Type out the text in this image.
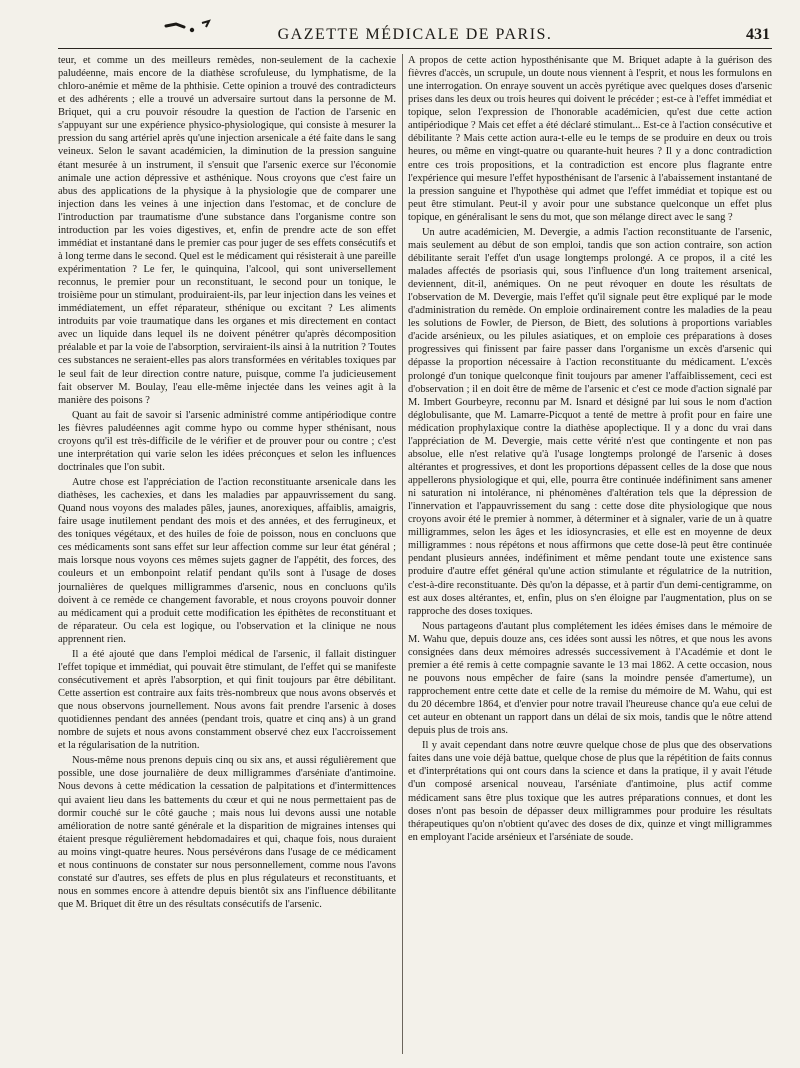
GAZETTE MÉDICALE DE PARIS.	431

teur, et comme un des meilleurs remèdes, non-seulement de la cachexie paludéenne, mais encore de la diathèse scrofuleuse, du lymphatisme, de la chloro-anémie et même de la phthisie. Cette opinion a trouvé des contradicteurs et des adhérents ; elle a trouvé un adversaire surtout dans la personne de M. Briquet, qui a cru pouvoir résoudre la question de l'action de l'arsenic en s'appuyant sur une expérience physico-physiologique, qui consiste à mesurer la pression du sang artériel après qu'une injection arsenicale a été faite dans le sang veineux. Selon le savant académicien, la diminution de la pression sanguine étant mesurée à un instrument, il s'ensuit que l'arsenic exerce sur l'économie animale une action dépressive et asthénique. Nous croyons que c'est faire un abus des applications de la physique à la physiologie que de comparer une injection dans les veines à une injection dans l'estomac, et de conclure de l'introduction par traumatisme d'une substance dans l'organisme contre son introduction par les voies digestives, et, enfin de prendre acte de son effet immédiat et instantané dans le premier cas pour juger de ses effets consécutifs et à long terme dans le second. Quel est le médicament qui résisterait à une pareille expérimentation ? Le fer, le quinquina, l'alcool, qui sont universellement reconnus, le premier pour un reconstituant, le second pour un tonique, le troisième pour un stimulant, produiraient-ils, par leur injection dans les veines et immédiatement, un effet réparateur, sthénique ou excitant ? Les aliments introduits par voie traumatique dans les organes et mis directement en contact avec un liquide dans lequel ils ne doivent pénétrer qu'après décomposition préalable et par la voie de l'absorption, serviraient-ils ainsi à la nutrition ? Toutes ces substances ne seraient-elles pas alors transformées en véritables toxiques par le seul fait de leur direction contre nature, puisque, comme l'a judicieusement fait observer M. Boulay, l'eau elle-même injectée dans les veines agit à la manière des poisons ?

Quant au fait de savoir si l'arsenic administré comme antipériodique contre les fièvres paludéennes agit comme hypo ou comme hyper sthénisant, nous croyons qu'il est très-difficile de le vérifier et de prouver pour ou contre ; c'est une interprétation qui varie selon les idées préconçues et selon les influences doctrinales que l'on subit.

Autre chose est l'appréciation de l'action reconstituante arsenicale dans les diathèses, les cachexies, et dans les maladies par appauvrissement du sang. Quand nous voyons des malades pâles, jaunes, anorexiques, affaiblis, amaigris, faire usage inutilement pendant des mois et des années, et des ferrugineux, et des toniques végétaux, et des huiles de foie de poisson, nous en concluons que ces médicaments sont sans effet sur leur affection comme sur leur état général ; mais lorsque nous voyons ces mêmes sujets gagner de l'appétit, des forces, des couleurs et un embonpoint relatif pendant qu'ils sont à l'usage de doses journalières de quelques milligrammes d'arsenic, nous en concluons qu'ils doivent à ce remède ce changement favorable, et nous croyons pouvoir donner au médicament qui a produit cette modification les épithètes de reconstituant et de réparateur. Ou cela est logique, ou l'observation et la clinique ne nous apprennent rien.

Il a été ajouté que dans l'emploi médical de l'arsenic, il fallait distinguer l'effet topique et immédiat, qui pouvait être stimulant, de l'effet qui se manifeste consécutivement et après l'absorption, et qui finit toujours par être débilitant. Cette assertion est contraire aux faits très-nombreux que nous avons observés et que nous observons journellement. Nous avons fait prendre l'arsenic à doses quotidiennes pendant des années (pendant trois, quatre et cinq ans) à un grand nombre de sujets et nous avons constamment observé chez eux l'accroissement et la régularisation de la nutrition.

Nous-même nous prenons depuis cinq ou six ans, et aussi régulièrement que possible, une dose journalière de deux milligrammes d'arséniate d'antimoine. Nous devons à cette médication la cessation de palpitations et d'intermittences qui avaient lieu dans les battements du cœur et qui ne nous permettaient pas de dormir couché sur le côté gauche ; mais nous lui devons aussi une notable amélioration de notre santé générale et la disparition de migraines intenses qui étaient presque régulièrement hebdomadaires et qui, chaque fois, nous duraient au moins vingt-quatre heures. Nous persévérons dans l'usage de ce médicament et nous continuons de constater sur nous personnellement, comme nous l'avons constaté sur d'autres, ses effets de plus en plus régulateurs et reconstituants, et nous en sommes encore à attendre depuis bientôt six ans l'influence débilitante que M. Briquet dit être un des résultats consécutifs de l'arsenic.

A propos de cette action hyposthénisante que M. Briquet adapte à la guérison des fièvres d'accès, un scrupule, un doute nous viennent à l'esprit, et nous les formulons en une interrogation. On enraye souvent un accès pyrétique avec quelques doses d'arsenic prises dans les deux ou trois heures qui doivent le précéder ; est-ce à l'effet immédiat et topique, selon l'expression de l'honorable académicien, qu'est due cette action antipériodique ? Mais cet effet a été déclaré stimulant... Est-ce à l'action consécutive et débilitante ? Mais cette action aura-t-elle eu le temps de se produire en deux ou trois heures, ou même en vingt-quatre ou quarante-huit heures ? Il y a donc contradiction entre ces trois propositions, et la contradiction est encore plus flagrante entre l'expérience qui mesure l'effet hyposthénisant de l'arsenic à l'abaissement instantané de la pression sanguine et l'hypothèse qui admet que l'effet immédiat et topique est ou peut être stimulant. Peut-il y avoir pour une substance quelconque un effet plus topique, en généralisant le sens du mot, que son mélange direct avec le sang ?

Un autre académicien, M. Devergie, a admis l'action reconstituante de l'arsenic, mais seulement au début de son emploi, tandis que son action contraire, son action débilitante serait l'effet d'un usage longtemps prolongé. A ce propos, il a cité les malades affectés de psoriasis qui, sous l'influence d'un long traitement arsenical, deviennent, dit-il, anémiques. On ne peut révoquer en doute les résultats de l'observation de M. Devergie, mais l'effet qu'il signale peut être expliqué par le mode d'administration du remède. On emploie ordinairement contre les maladies de la peau les solutions de Fowler, de Pierson, de Biett, des solutions à proportions variables d'acide arsénieux, ou les pilules asiatiques, et on emploie ces préparations à doses progressives qui finissent par faire passer dans l'organisme un excès d'arsenic qui dépasse la proportion nécessaire à l'action reconstituante du médicament. L'excès prolongé d'un tonique quelconque finit toujours par amener l'affaiblissement, ceci est d'observation ; il en doit être de même de l'arsenic et c'est ce mode d'action signalé par M. Imbert Gourbeyre, reconnu par M. Isnard et désigné par lui sous le nom d'action déglobulisante, que M. Lamarre-Picquot a tenté de mettre à profit pour en faire une médication prophylaxique contre la diathèse apoplectique. Il y a donc du vrai dans l'appréciation de M. Devergie, mais cette vérité n'est que contingente et non pas absolue, elle n'est relative qu'à l'usage longtemps prolongé de l'arsenic à doses altérantes et progressives, et dont les proportions dépassent celles de la dose que nous appellerons physiologique et qui, elle, pourra être continuée indéfiniment sans amener ni saturation ni intolérance, ni phénomènes d'altération tels que la dépression de l'innervation et l'appauvrissement du sang : cette dose dite physiologique que nous croyons avoir été le premier à nommer, à déterminer et à signaler, varie de un à quatre milligrammes, selon les âges et les idiosyncrasies, et elle est en moyenne de deux milligrammes : nous répétons et nous affirmons que cette dose-là peut être continuée pendant plusieurs années, indéfiniment et même pendant toute une existence sans produire d'autre effet général qu'une action stimulante et régulatrice de la nutrition, c'est-à-dire reconstituante. Dès qu'on la dépasse, et à partir d'un demi-centigramme, on est aux doses altérantes, et, enfin, plus on s'en éloigne par l'augmentation, plus on se rapproche des doses toxiques.

Nous partageons d'autant plus complétement les idées émises dans le mémoire de M. Wahu que, depuis douze ans, ces idées sont aussi les nôtres, et que nous les avons consignées dans deux mémoires adressés successivement à l'Académie et dont le premier a été remis à cette compagnie savante le 13 mai 1862. A cette occasion, nous ne pouvons nous empêcher de faire (sans la moindre pensée d'amertume), un rapprochement entre cette date et celle de la remise du mémoire de M. Wahu, qui est du 20 décembre 1864, et d'envier pour notre travail l'heureuse chance qu'a eue celui de cet auteur en obtenant un rapport dans un délai de six mois, tandis que le nôtre attend depuis plus de trois ans.

Il y avait cependant dans notre œuvre quelque chose de plus que des observations faites dans une voie déjà battue, quelque chose de plus que la répétition de faits connus et d'interprétations qui ont cours dans la science et dans la pratique, il y avait l'étude d'un composé arsenical nouveau, l'arséniate d'antimoine, plus actif comme médicament sans être plus toxique que les autres préparations connues, et dont les doses n'ont pas besoin de dépasser deux milligrammes pour produire les résultats thérapeutiques qu'on n'obtient qu'avec des doses de dix, quinze et vingt milligrammes en employant l'acide arsénieux et l'arséniate de soude.
